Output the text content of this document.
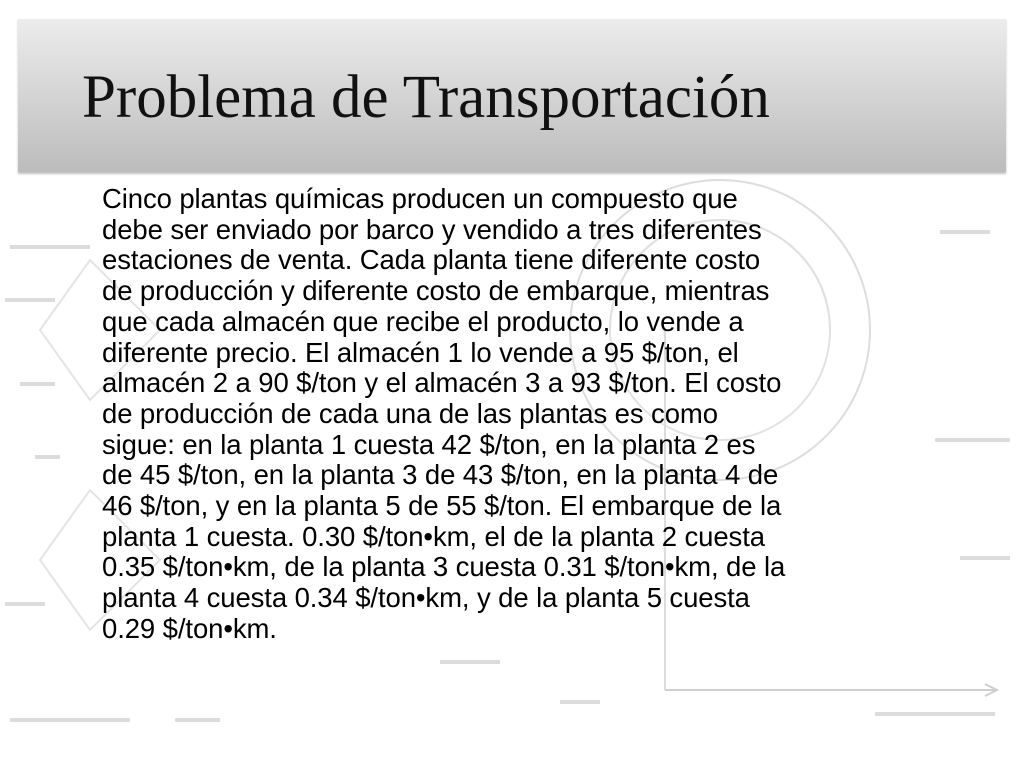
Problema de Transportación
Cinco plantas químicas producen un compuesto que
debe ser enviado por barco y vendido a tres diferentes
estaciones de venta. Cada planta tiene diferente costo
de producción y diferente costo de embarque, mientras
que cada almacén que recibe el producto, lo vende a
diferente precio. El almacén 1 lo vende a 95 $/ton, el
almacén 2 a 90 $/ton y el almacén 3 a 93 $/ton. El costo
de producción de cada una de las plantas es como
sigue: en la planta 1 cuesta 42 $/ton, en la planta 2 es
de 45 $/ton, en la planta 3 de 43 $/ton, en la planta 4 de
46 $/ton, y en la planta 5 de 55 $/ton. El embarque de la
planta 1 cuesta. 0.30 $/ton•km, el de la planta 2 cuesta
0.35 $/ton•km, de la planta 3 cuesta 0.31 $/ton•km, de la
planta 4 cuesta 0.34 $/ton•km, y de la planta 5 cuesta
0.29 $/ton•km.
